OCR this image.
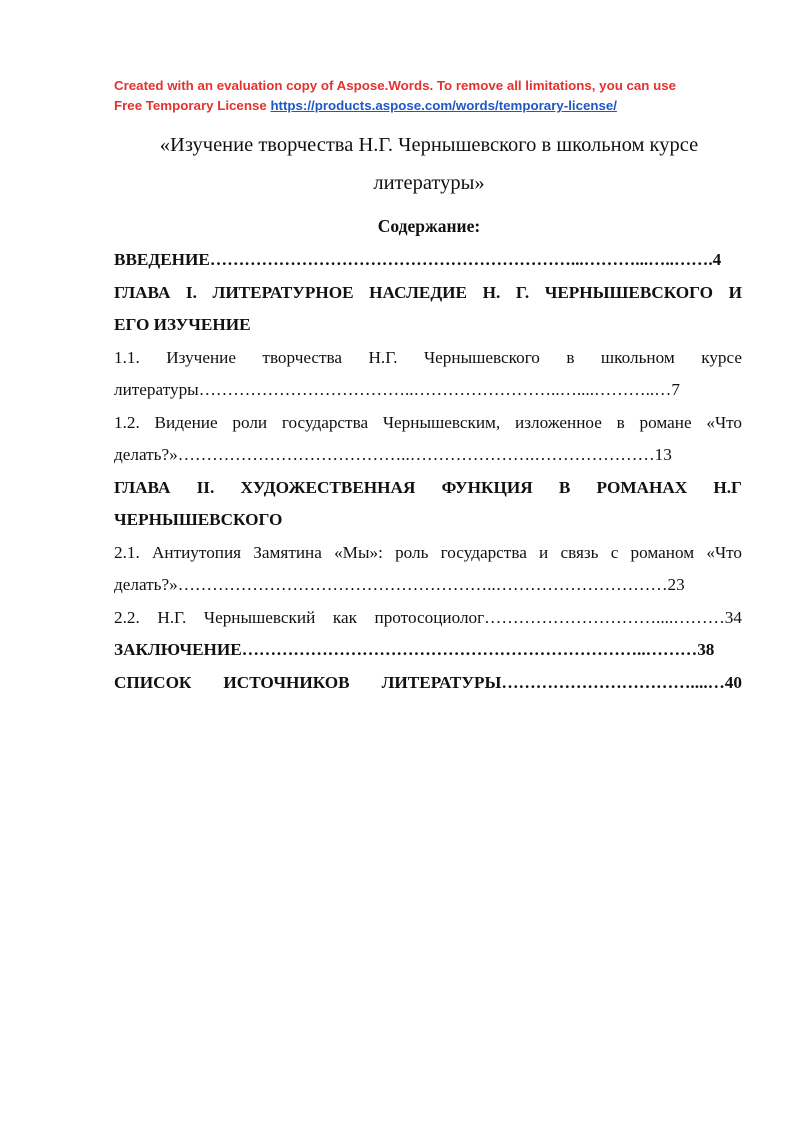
Created with an evaluation copy of Aspose.Words. To remove all limitations, you can use
Free Temporary License https://products.aspose.com/words/temporary-license/
«Изучение творчества Н.Г. Чернышевского в школьном курсе
литературы»
Содержание:
ВВЕДЕНИЕ………………………………………………………...………...…..…….4
ГЛАВА I. ЛИТЕРАТУРНОЕ НАСЛЕДИЕ Н. Г. ЧЕРНЫШЕВСКОГО И
ЕГО ИЗУЧЕНИЕ
1.1. Изучение творчества Н.Г. Чернышевского в школьном курсе
литературы………………………………..……………………..…....………..…7
1.2. Видение роли государства Чернышевским, изложенное в романе «Что
делать?»…………………………………..………………….…………………13
ГЛАВА II. ХУДОЖЕСТВЕННАЯ ФУНКЦИЯ В РОМАНАХ Н.Г
ЧЕРНЫШЕВСКОГО
2.1. Антиутопия Замятина «Мы»: роль государства и связь с романом «Что
делать?»………………………………………………..…………………………23
2.2. Н.Г. Чернышевский как протосоциолог…………………………....………34
ЗАКЛЮЧЕНИЕ……………………………………………………………..………38
СПИСОК ИСТОЧНИКОВ ЛИТЕРАТУРЫ……………………………....…40
